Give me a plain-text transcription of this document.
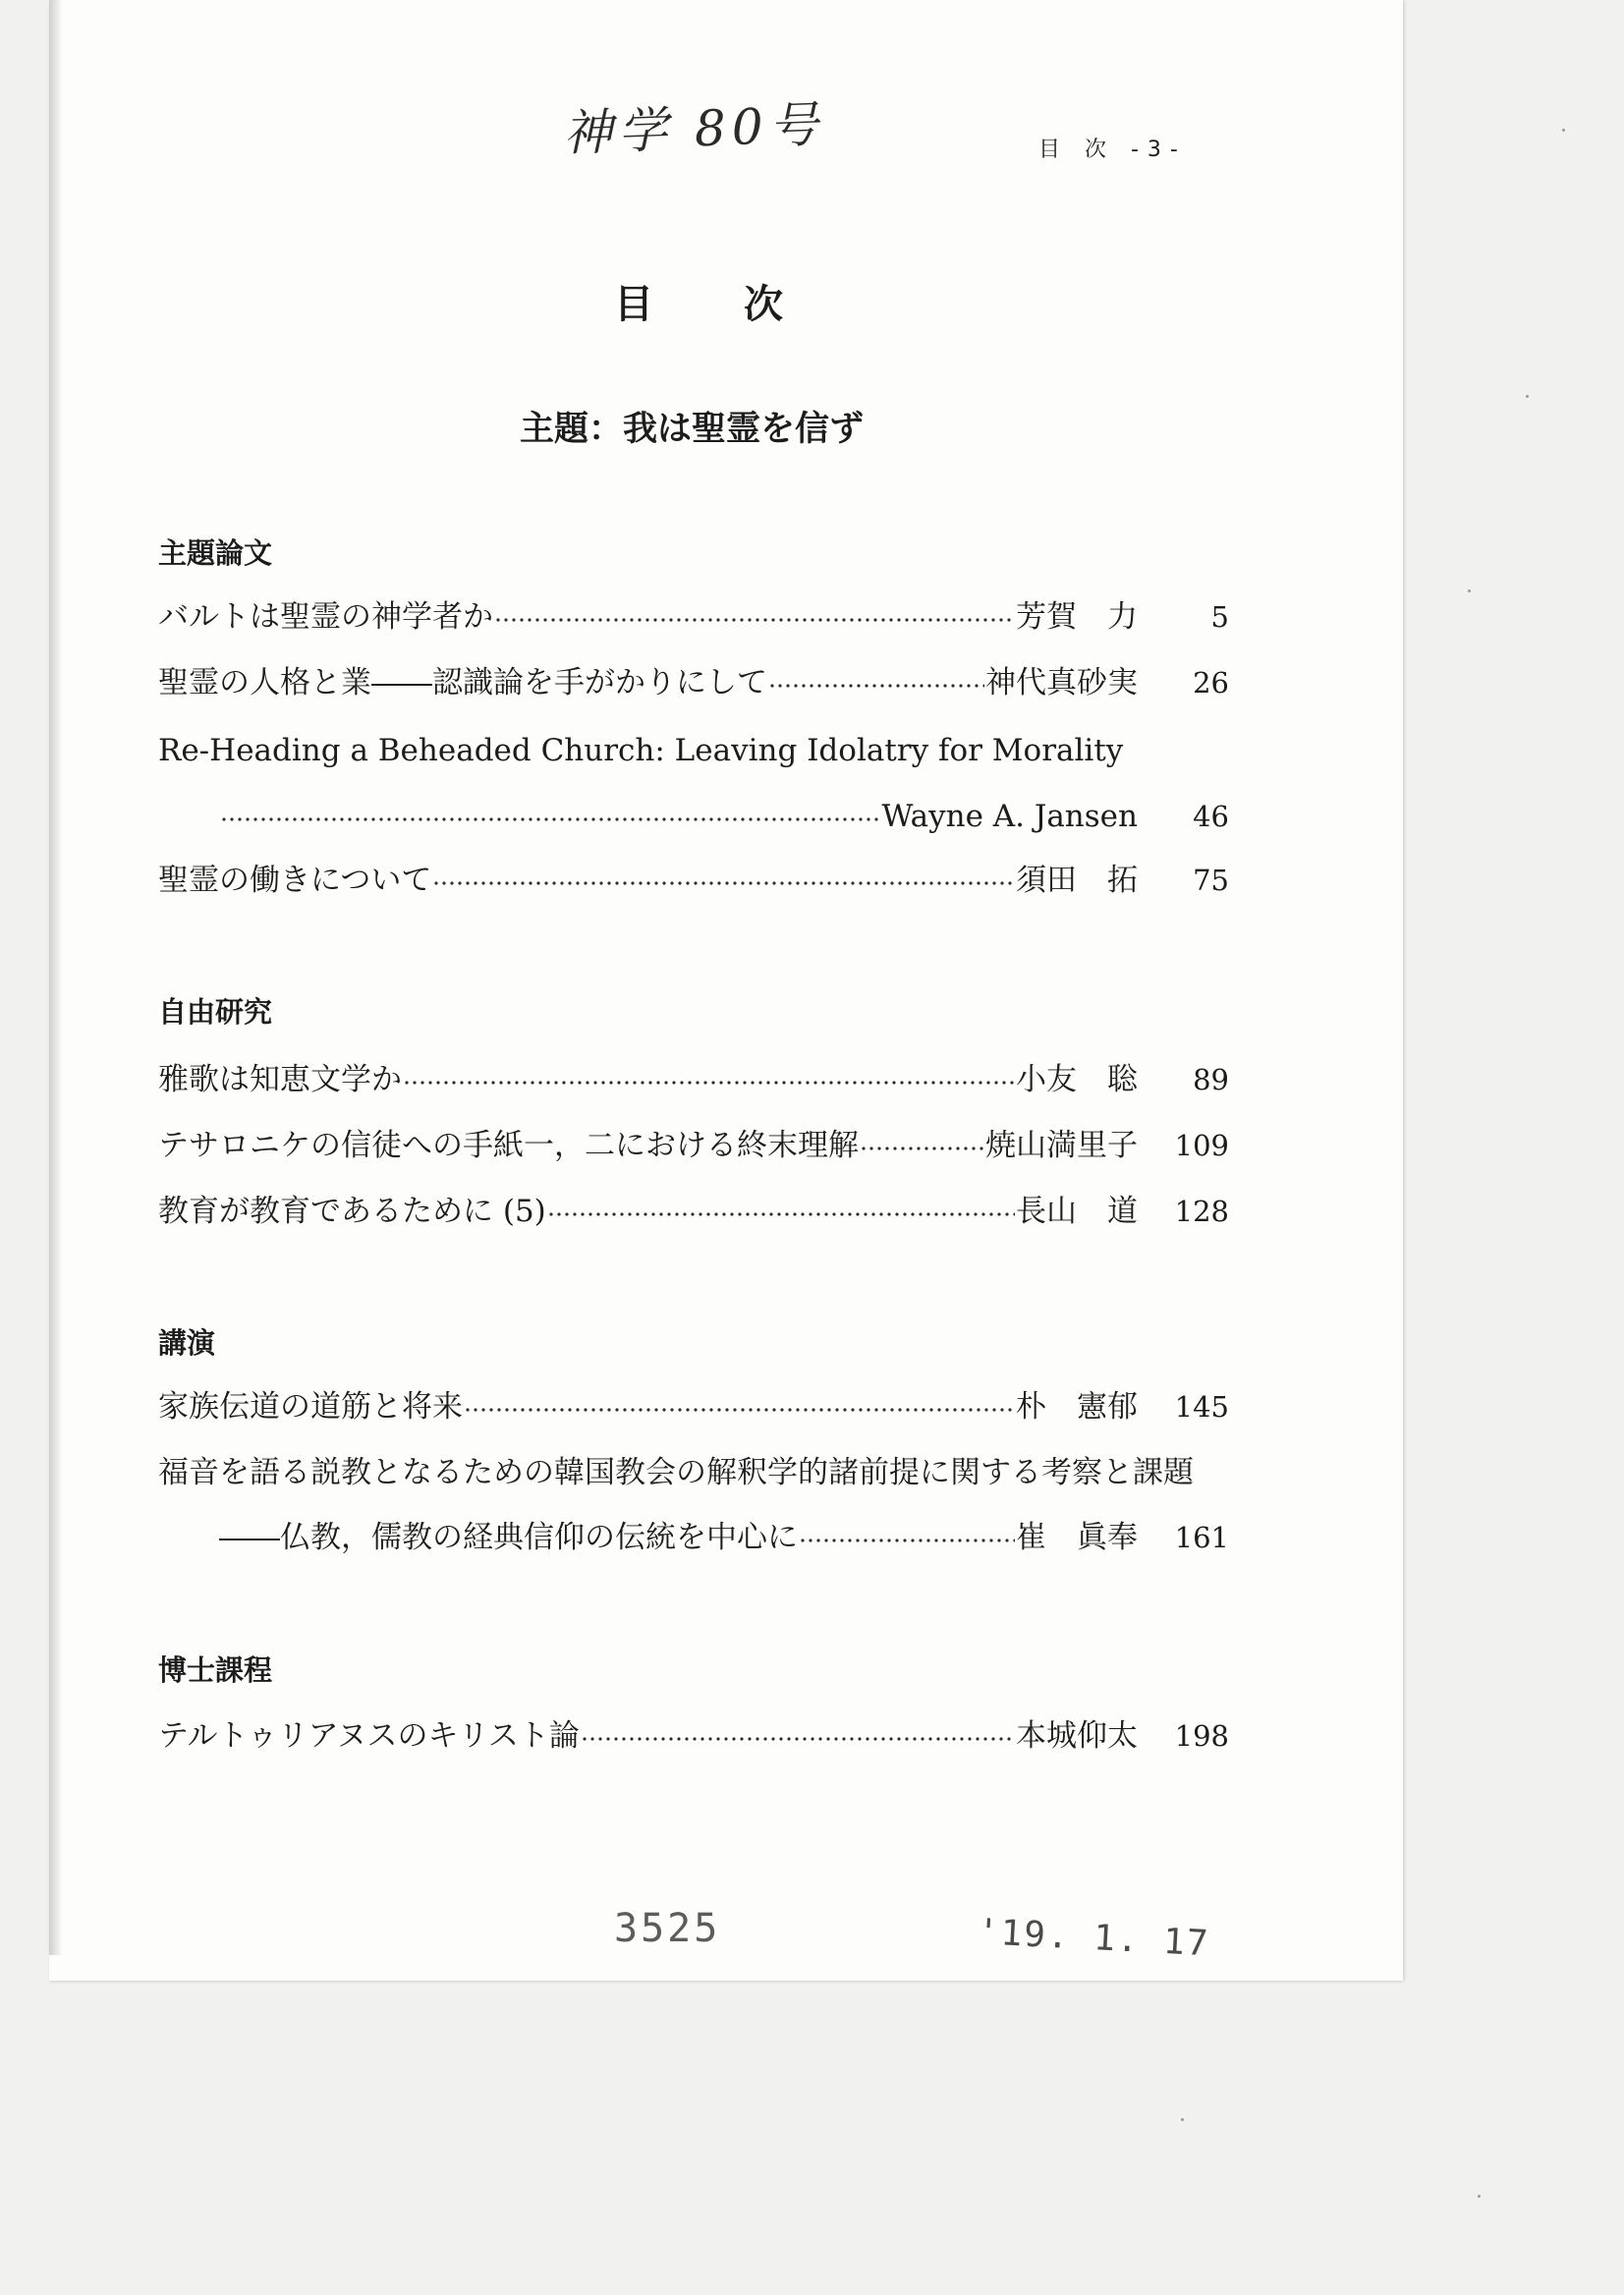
神学 80号	目 次 -3-
目　　次
主題：我は聖霊を信ず
主題論文
バルトは聖霊の神学者か	芳賀　力	5
聖霊の人格と業――認識論を手がかりにして	神代真砂実	26
Re-Heading a Beheaded Church: Leaving Idolatry for Morality
Wayne A. Jansen	46
聖霊の働きについて	須田　拓	75
自由研究
雅歌は知恵文学か	小友　聡	89
テサロニケの信徒への手紙一，二における終末理解	焼山満里子	109
教育が教育であるために (5)	長山　道	128
講演
家族伝道の道筋と将来	朴　憲郁	145
福音を語る説教となるための韓国教会の解釈学的諸前提に関する考察と課題
――仏教，儒教の経典信仰の伝統を中心に	崔　眞奉	161
博士課程
テルトゥリアヌスのキリスト論	本城仰太	198
3525	'19. 1. 17
